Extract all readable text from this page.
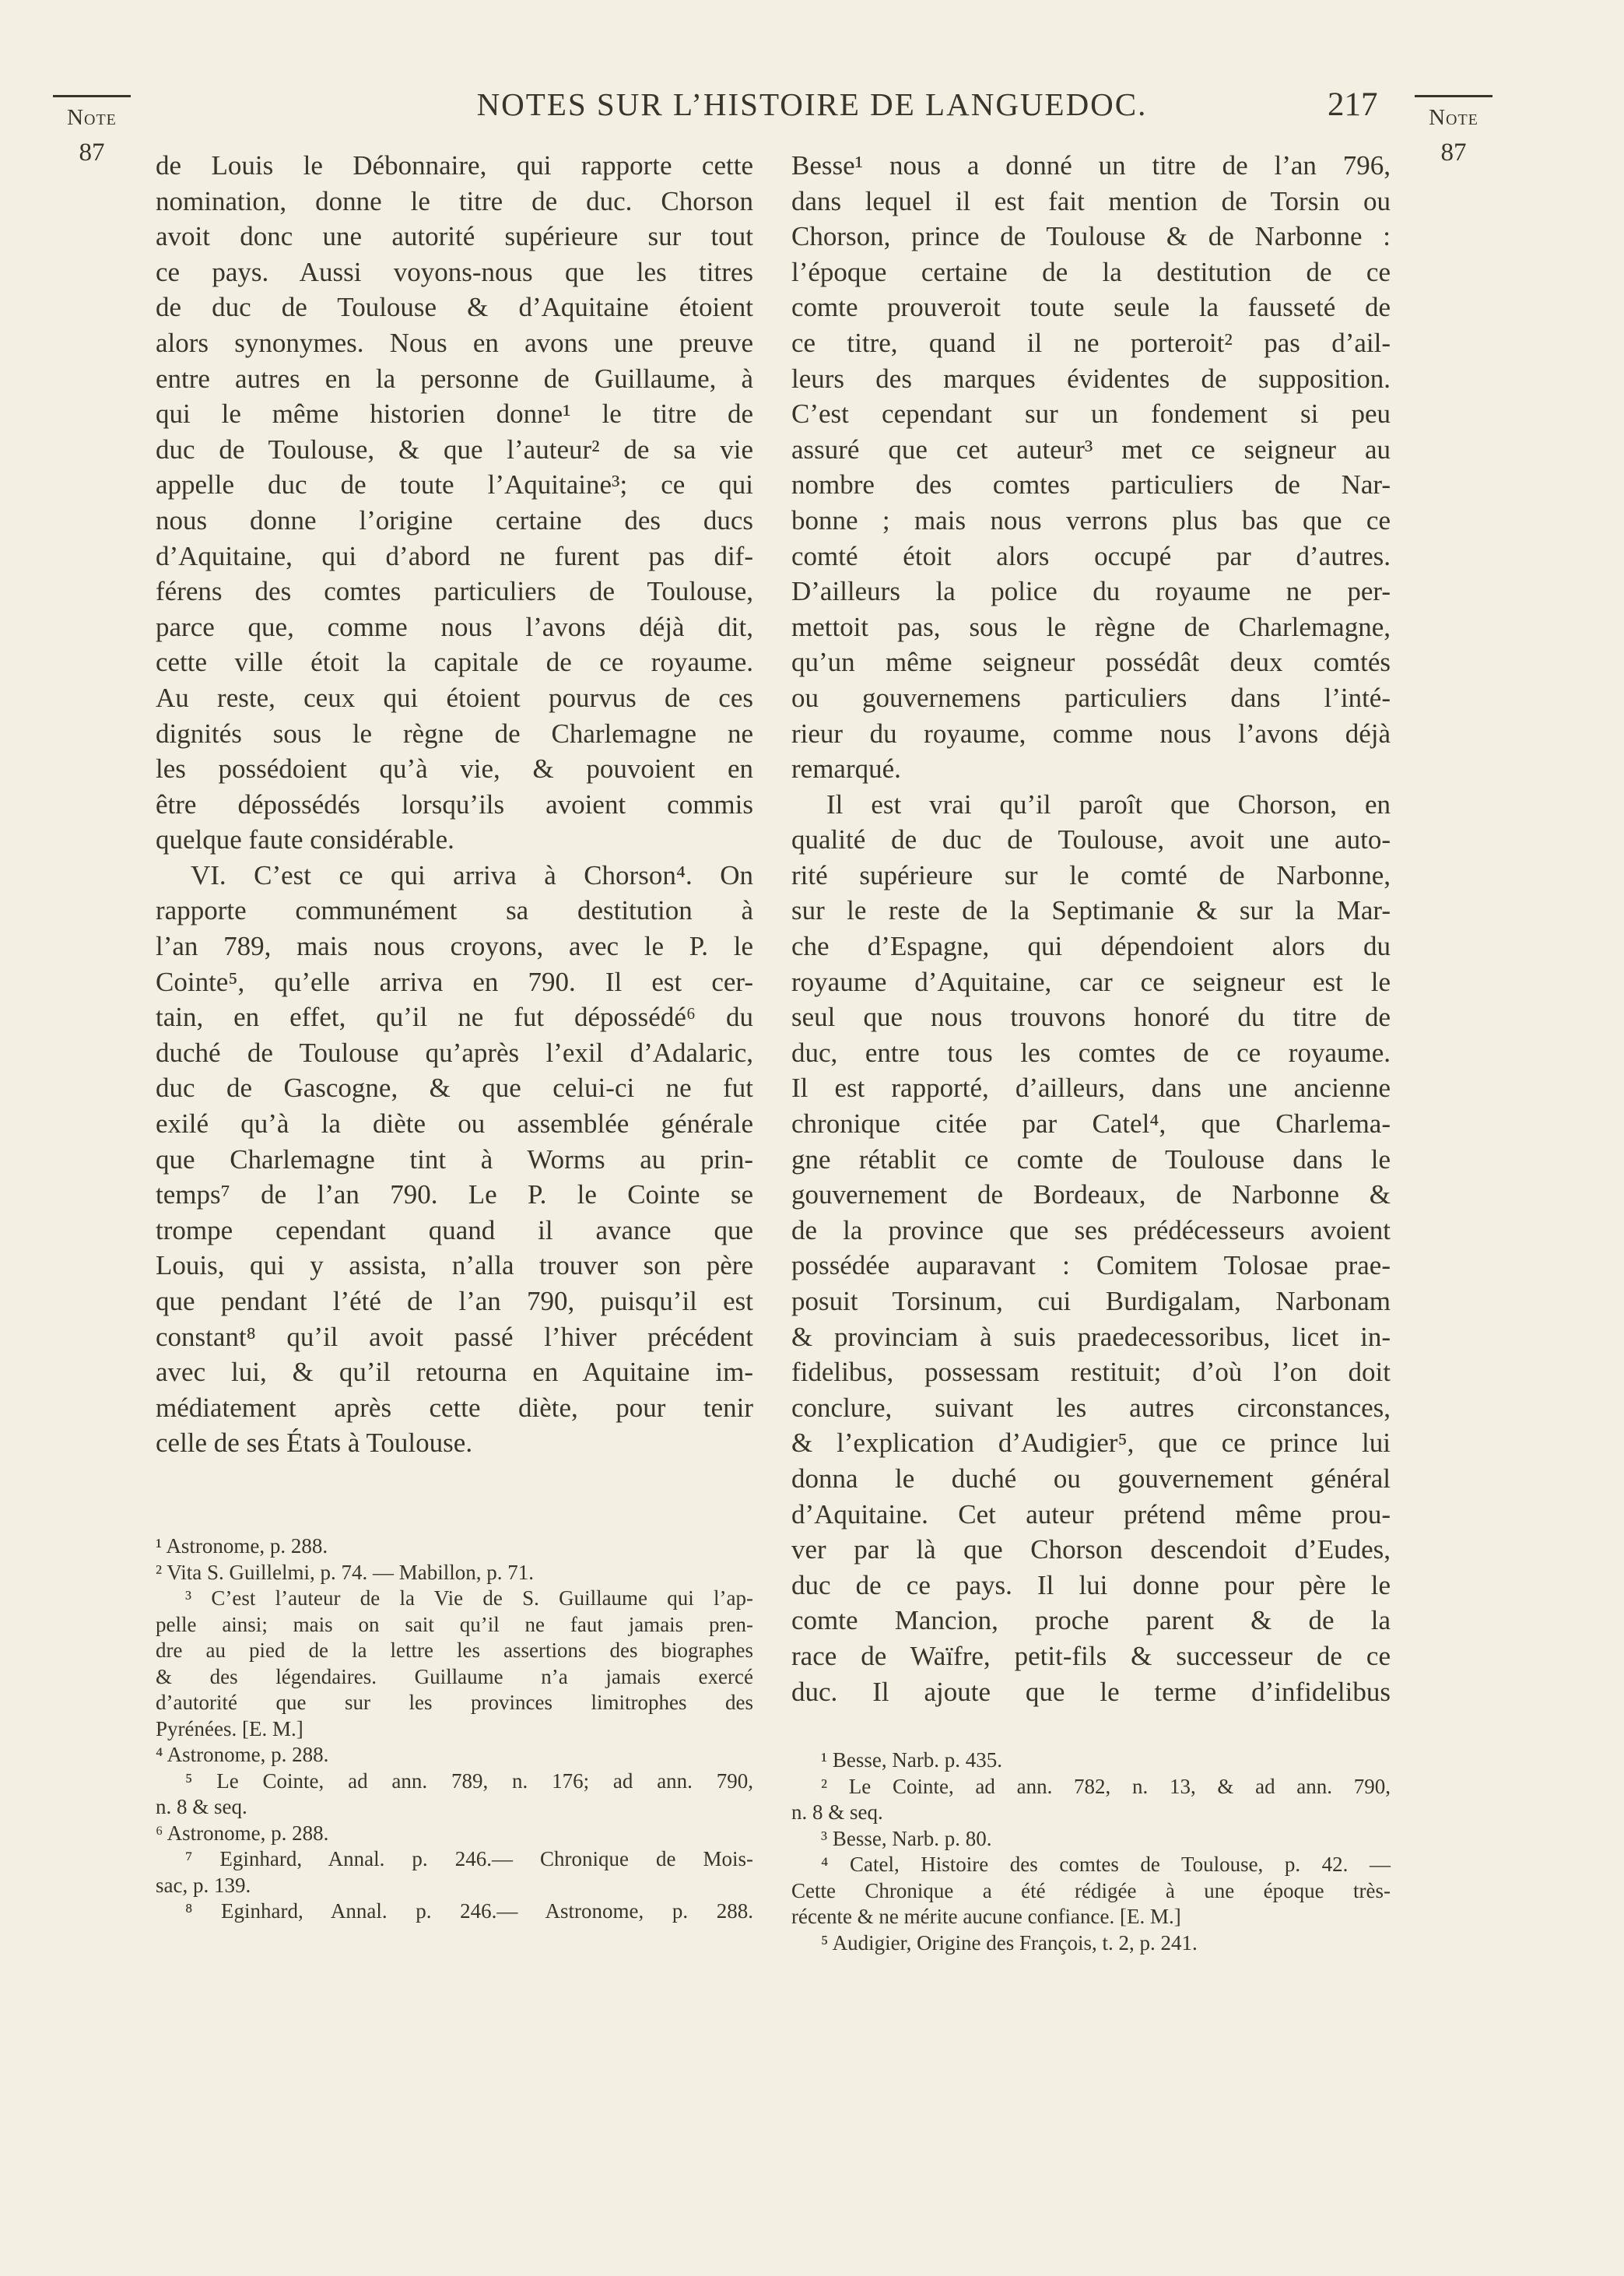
NOTES SUR L’HISTOIRE DE LANGUEDOC.	217
Note
87
Note
87
de Louis le Débonnaire, qui rapporte cette
nomination, donne le titre de duc. Chorson
avoit donc une autorité supérieure sur tout
ce pays. Aussi voyons-nous que les titres
de duc de Toulouse & d’Aquitaine étoient
alors synonymes. Nous en avons une preuve
entre autres en la personne de Guillaume, à
qui le même historien donne¹ le titre de
duc de Toulouse, & que l’auteur² de sa vie
appelle duc de toute l’Aquitaine³; ce qui
nous donne l’origine certaine des ducs
d’Aquitaine, qui d’abord ne furent pas dif-
férens des comtes particuliers de Toulouse,
parce que, comme nous l’avons déjà dit,
cette ville étoit la capitale de ce royaume.
Au reste, ceux qui étoient pourvus de ces
dignités sous le règne de Charlemagne ne
les possédoient qu’à vie, & pouvoient en
être dépossédés lorsqu’ils avoient commis
quelque faute considérable.
VI. C’est ce qui arriva à Chorson⁴. On
rapporte communément sa destitution à
l’an 789, mais nous croyons, avec le P. le
Cointe⁵, qu’elle arriva en 790. Il est cer-
tain, en effet, qu’il ne fut dépossédé⁶ du
duché de Toulouse qu’après l’exil d’Adalaric,
duc de Gascogne, & que celui-ci ne fut
exilé qu’à la diète ou assemblée générale
que Charlemagne tint à Worms au prin-
temps⁷ de l’an 790. Le P. le Cointe se
trompe cependant quand il avance que
Louis, qui y assista, n’alla trouver son père
que pendant l’été de l’an 790, puisqu’il est
constant⁸ qu’il avoit passé l’hiver précédent
avec lui, & qu’il retourna en Aquitaine im-
médiatement après cette diète, pour tenir
celle de ses États à Toulouse.
¹ Astronome, p. 288.
² Vita S. Guillelmi, p. 74. — Mabillon, p. 71.
³ C’est l’auteur de la Vie de S. Guillaume qui l’ap-
pelle ainsi; mais on sait qu’il ne faut jamais pren-
dre au pied de la lettre les assertions des biographes
& des légendaires. Guillaume n’a jamais exercé
d’autorité que sur les provinces limitrophes des
Pyrénées. [E. M.]
⁴ Astronome, p. 288.
⁵ Le Cointe, ad ann. 789, n. 176; ad ann. 790,
n. 8 & seq.
⁶ Astronome, p. 288.
⁷ Eginhard, Annal. p. 246.— Chronique de Mois-
sac, p. 139.
⁸ Eginhard, Annal. p. 246.— Astronome, p. 288.
Besse¹ nous a donné un titre de l’an 796,
dans lequel il est fait mention de Torsin ou
Chorson, prince de Toulouse & de Narbonne :
l’époque certaine de la destitution de ce
comte prouveroit toute seule la fausseté de
ce titre, quand il ne porteroit² pas d’ail-
leurs des marques évidentes de supposition.
C’est cependant sur un fondement si peu
assuré que cet auteur³ met ce seigneur au
nombre des comtes particuliers de Nar-
bonne ; mais nous verrons plus bas que ce
comté étoit alors occupé par d’autres.
D’ailleurs la police du royaume ne per-
mettoit pas, sous le règne de Charlemagne,
qu’un même seigneur possédât deux comtés
ou gouvernemens particuliers dans l’inté-
rieur du royaume, comme nous l’avons déjà
remarqué.
Il est vrai qu’il paroît que Chorson, en
qualité de duc de Toulouse, avoit une auto-
rité supérieure sur le comté de Narbonne,
sur le reste de la Septimanie & sur la Mar-
che d’Espagne, qui dépendoient alors du
royaume d’Aquitaine, car ce seigneur est le
seul que nous trouvons honoré du titre de
duc, entre tous les comtes de ce royaume.
Il est rapporté, d’ailleurs, dans une ancienne
chronique citée par Catel⁴, que Charlema-
gne rétablit ce comte de Toulouse dans le
gouvernement de Bordeaux, de Narbonne &
de la province que ses prédécesseurs avoient
possédée auparavant : Comitem Tolosae prae-
posuit Torsinum, cui Burdigalam, Narbonam
& provinciam à suis praedecessoribus, licet in-
fidelibus, possessam restituit; d’où l’on doit
conclure, suivant les autres circonstances,
& l’explication d’Audigier⁵, que ce prince lui
donna le duché ou gouvernement général
d’Aquitaine. Cet auteur prétend même prou-
ver par là que Chorson descendoit d’Eudes,
duc de ce pays. Il lui donne pour père le
comte Mancion, proche parent & de la
race de Waïfre, petit-fils & successeur de ce
duc. Il ajoute que le terme d’infidelibus
¹ Besse, Narb. p. 435.
² Le Cointe, ad ann. 782, n. 13, & ad ann. 790,
n. 8 & seq.
³ Besse, Narb. p. 80.
⁴ Catel, Histoire des comtes de Toulouse, p. 42. —
Cette Chronique a été rédigée à une époque très-
récente & ne mérite aucune confiance. [E. M.]
⁵ Audigier, Origine des François, t. 2, p. 241.
